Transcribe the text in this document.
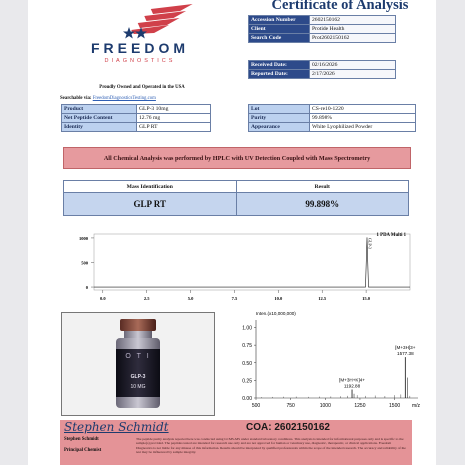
FREEDOM
DIAGNOSTICS
Certificate of Analysis
Accession Number	2602150162
Client	Protide Health
Search Code	Prot2602150162
Received Date:	02/16/2026
Reported Date:	2/17/2026
Proudly Owned and Operated in the USA
Searchable via: FreedomDiagnosticsTesting.com
Product	GLP-3 10mg
Net Peptide Content	12.76 mg
Identity	GLP RT
Lot	CS-re10-1220
Purity	99.898%
Appearance	White Lyophilized Powder
All Chemical Analysis was performed by HPLC with UV Detection Coupled with Mass Spectrometry
Mass Identification	Result
GLP RT	99.898%
1000
500
0
0.0	2.5	5.0	7.5	10.0	12.5	15.0
1 PDA Multi 1
GLP-3
O T I
GLP-3
10 MG
Inten.(x10,000,000)
1.00
0.75
0.50
0.25
0.00
500	750	1000	1250	1500 m/z
[M+3H+K]4+
1192.88
[M+3H]3+
1577.38
Stephen Schmidt	COA: 2602150162
Stephen Schmidt
Principal Chemist
The peptide purity analysis reported here was conducted using LCMS-MS under standard laboratory conditions. This analysis is intended for informational purposes only and is specific to the sample(s) provided. The peptides tested are intended for research use only and are not approved for human or veterinary use, diagnostic, therapeutic, or clinical applications. Freedom Diagnostics is not liable for any misuse of this information. Results should be interpreted by qualified professionals within the scope of the intended research. The accuracy and reliability of the test may be influenced by sample integrity.
